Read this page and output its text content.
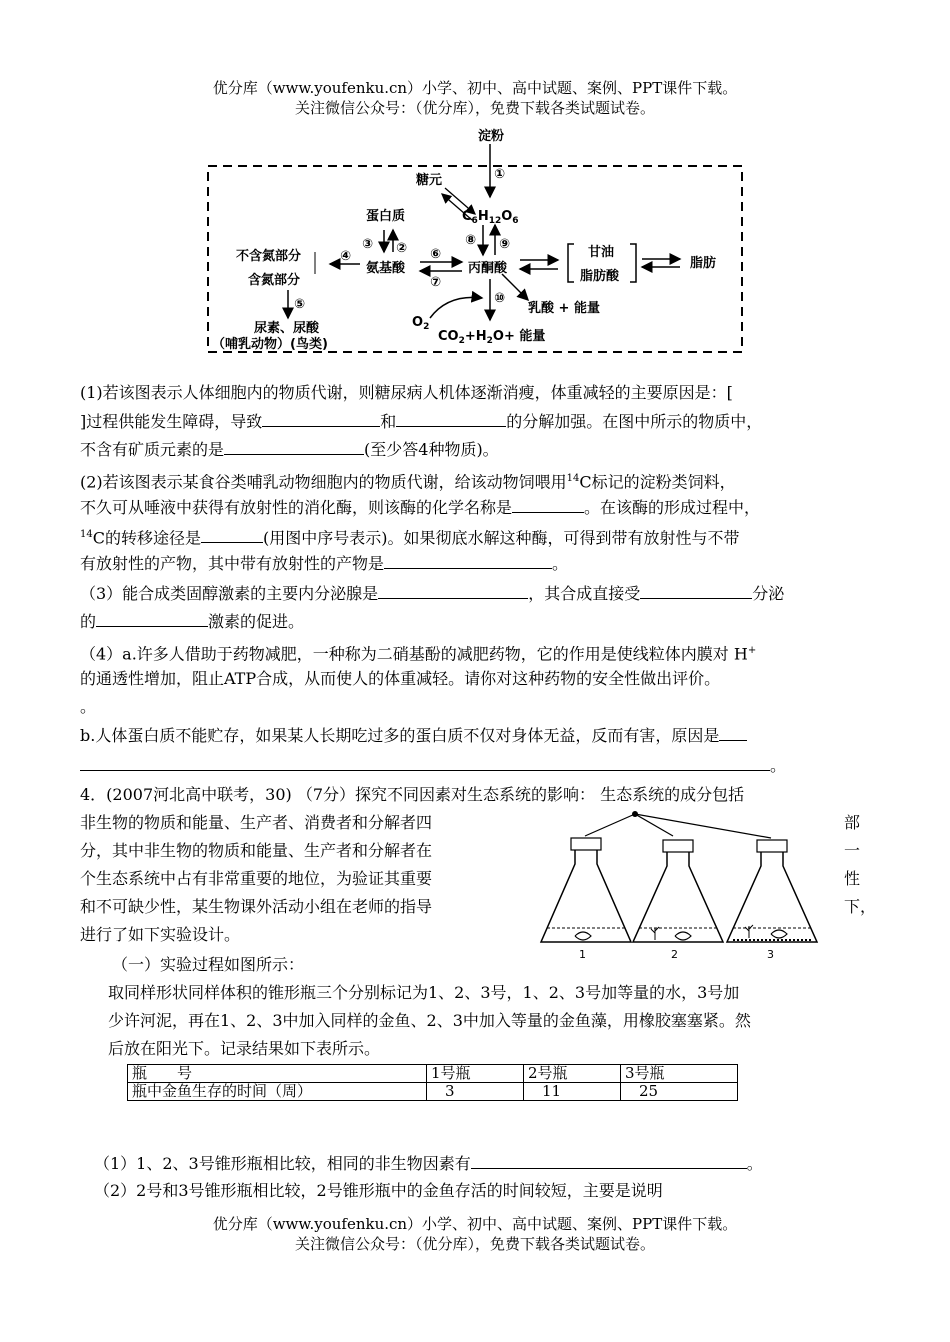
优分库（www.youfenku.cn）小学、初中、高中试题、案例、PPT课件下载。
关注微信公众号：（优分库），免费下载各类试题试卷。
淀粉
糖元
$C_6H_{12}O_6$
蛋白质
氨基酸	丙酮酸
不含氮部分
含氮部分
尿素、尿酸
（哺乳动物）(鸟类)
甘油
脂肪酸
脂肪
乳酸 + 能量
$O_2$
$CO_2+H_2O+$ 能量
①
②
③
④
⑤
⑥
⑦
⑧ ⑨
⑩
(1)若该图表示人体细胞内的物质代谢，则糖尿病人机体逐渐消瘦，体重减轻的主要原因是：[
]过程供能发生障碍，导致	和	的分解加强。在图中所示的物质中，
不含有矿质元素的是	(至少答4种物质)。
(2)若该图表示某食谷类哺乳动物细胞内的物质代谢，给该动物饲喂用$^{14}$C标记的淀粉类饲料，
不久可从唾液中获得有放射性的消化酶，则该酶的化学名称是	。在该酶的形成过程中，
$^{14}$C的转移途径是	(用图中序号表示)。如果彻底水解这种酶，可得到带有放射性与不带
有放射性的产物，其中带有放射性的产物是	。
（3）能合成类固醇激素的主要内分泌腺是	，其合成直接受	分泌
的	激素的促进。
（4）a.许多人借助于药物减肥，一种称为二硝基酚的减肥药物，它的作用是使线粒体内膜对 H+
的通透性增加，阻止ATP合成，从而使人的体重减轻。请你对这种药物的安全性做出评价。
。
b.人体蛋白质不能贮存，如果某人长期吃过多的蛋白质不仅对身体无益，反而有害，原因是
。
4．(2007河北高中联考，30) （7分）探究不同因素对生态系统的影响： 生态系统的成分包括
非生物的物质和能量、生产者、消费者和分解者四	部
分，其中非生物的物质和能量、生产者和分解者在	一
个生态系统中占有非常重要的地位，为验证其重要	性
和不可缺少性，某生物课外活动小组在老师的指导	下，
进行了如下实验设计。
1	2	3
（一）实验过程如图所示：
取同样形状同样体积的锥形瓶三个分别标记为1、2、3号，1、2、3号加等量的水，3号加
少许河泥，再在1、2、3中加入同样的金鱼、2、3中加入等量的金鱼藻，用橡胶塞塞紧。然
后放在阳光下。记录结果如下表所示。
瓶　　号	1号瓶	2号瓶	3号瓶
瓶中金鱼生存的时间（周）	3	11	25
（1）1、2、3号锥形瓶相比较，相同的非生物因素有	。
（2）2号和3号锥形瓶相比较，2号锥形瓶中的金鱼存活的时间较短，主要是说明
优分库（www.youfenku.cn）小学、初中、高中试题、案例、PPT课件下载。
关注微信公众号：（优分库），免费下载各类试题试卷。
